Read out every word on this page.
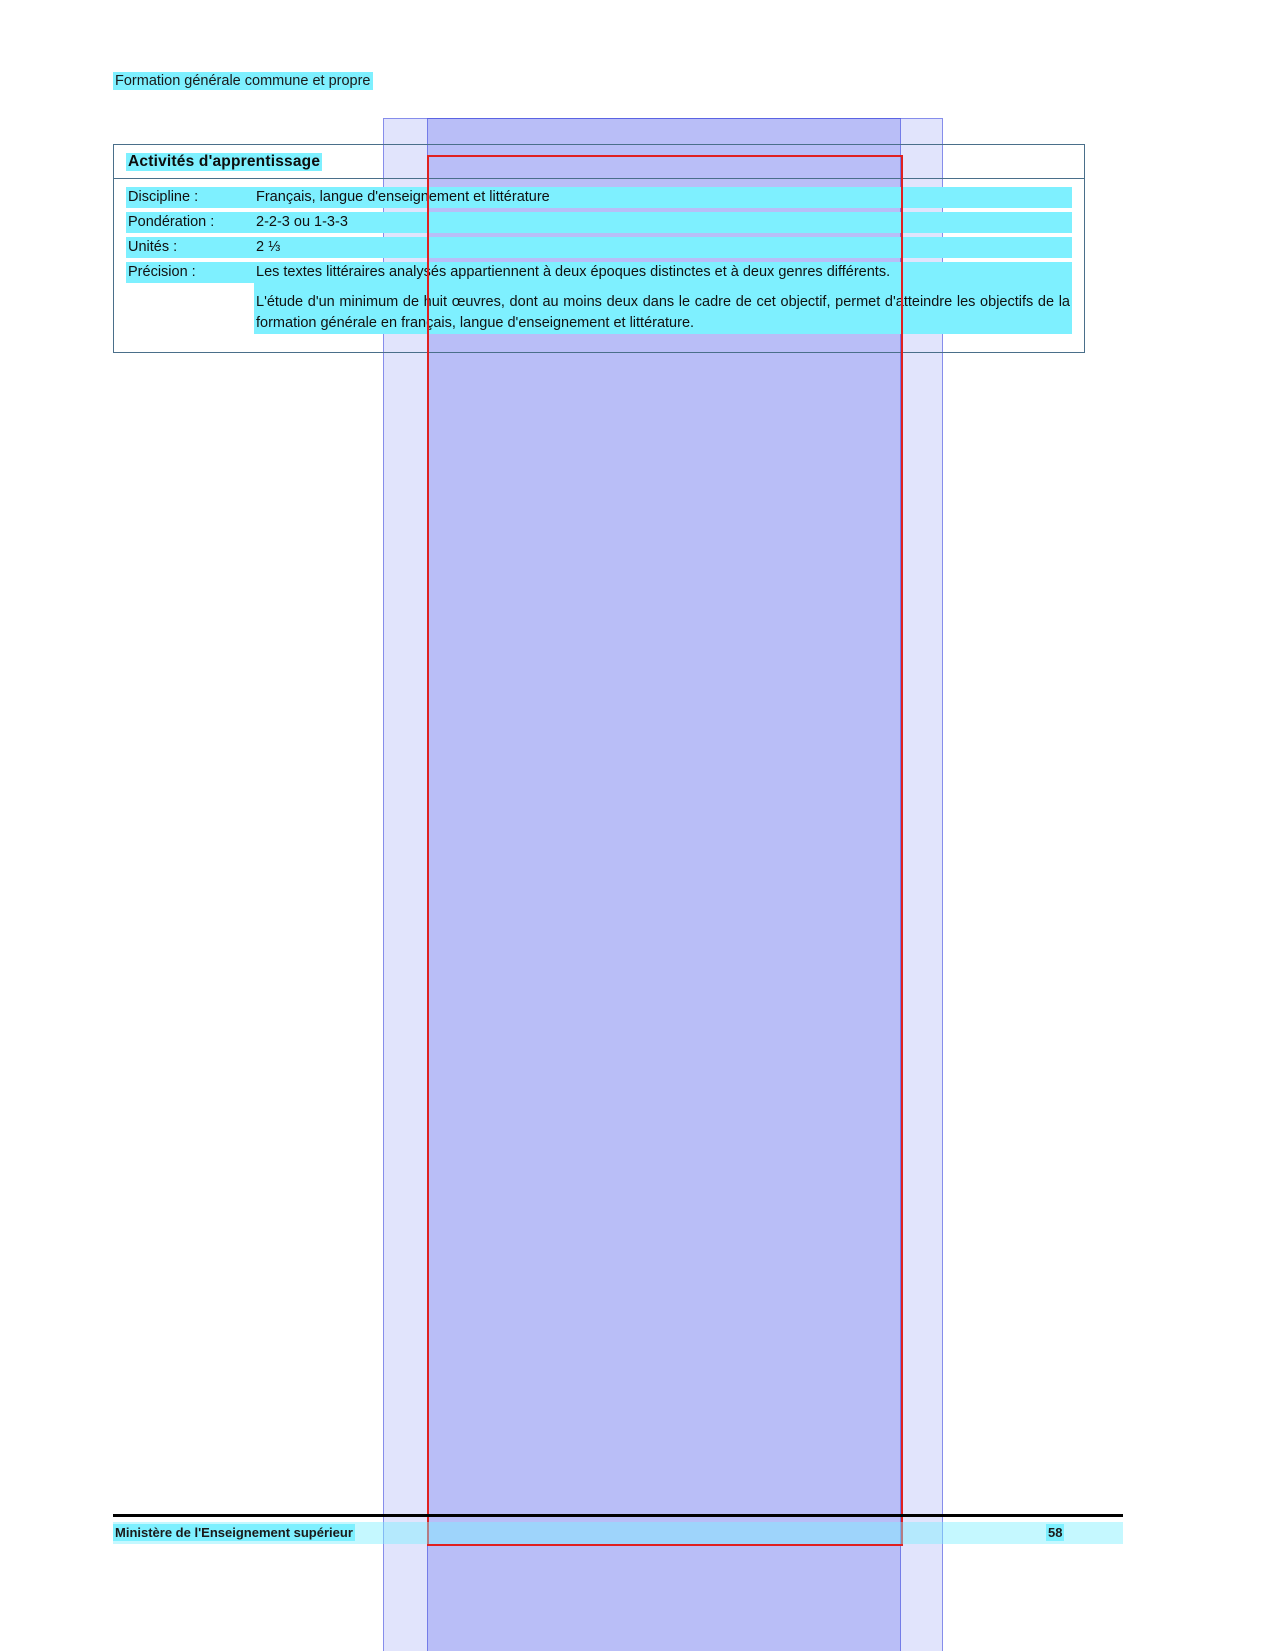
Formation générale commune et propre
Activités d'apprentissage
Discipline :	Français, langue d'enseignement et littérature
Pondération :	2-2-3 ou 1-3-3
Unités :	2 ⅓
Précision :	Les textes littéraires analysés appartiennent à deux époques distinctes et à deux genres différents.

L'étude d'un minimum de huit œuvres, dont au moins deux dans le cadre de cet objectif, permet d'atteindre les objectifs de la formation générale en français, langue d'enseignement et littérature.

Ministère de l'Enseignement supérieur	58
